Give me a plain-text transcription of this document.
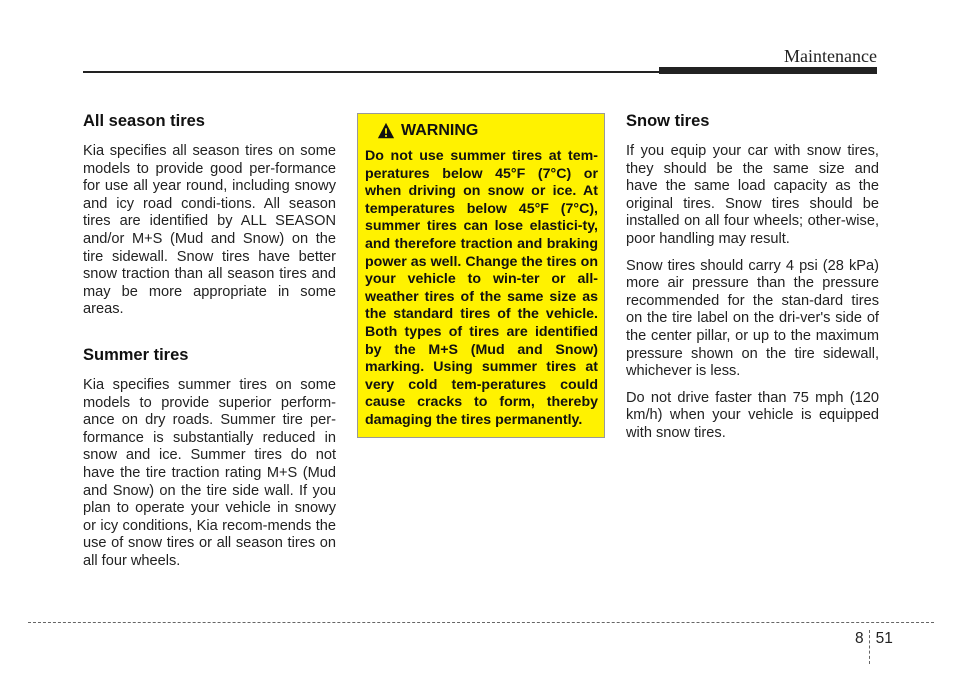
Maintenance
All season tires

Kia specifies all season tires on some models to provide good per-formance for use all year round, including snowy and icy road condi-tions. All season tires are identified by ALL SEASON and/or M+S (Mud and Snow) on the tire sidewall. Snow tires have better snow traction than all season tires and may be more appropriate in some areas.

Summer tires

Kia specifies summer tires on some models to provide superior perform-ance on dry roads. Summer tire per-formance is substantially reduced in snow and ice. Summer tires do not have the tire traction rating M+S (Mud and Snow) on the tire side wall. If you plan to operate your vehicle in snowy or icy conditions, Kia recom-mends the use of snow tires or all season tires on all four wheels.

WARNING

Do not use summer tires at tem-peratures below 45°F (7°C) or when driving on snow or ice. At temperatures below 45°F (7°C), summer tires can lose elastici-ty, and therefore traction and braking power as well. Change the tires on your vehicle to win-ter or all-weather tires of the same size as the standard tires of the vehicle. Both types of tires are identified by the M+S (Mud and Snow) marking. Using summer tires at very cold tem-peratures could cause cracks to form, thereby damaging the tires permanently.

Snow tires

If you equip your car with snow tires, they should be the same size and have the same load capacity as the original tires. Snow tires should be installed on all four wheels; other-wise, poor handling may result.

Snow tires should carry 4 psi (28 kPa) more air pressure than the pressure recommended for the stan-dard tires on the tire label on the dri-ver's side of the center pillar, or up to the maximum pressure shown on the tire sidewall, whichever is less.

Do not drive faster than 75 mph (120 km/h) when your vehicle is equipped with snow tires.

8 51
